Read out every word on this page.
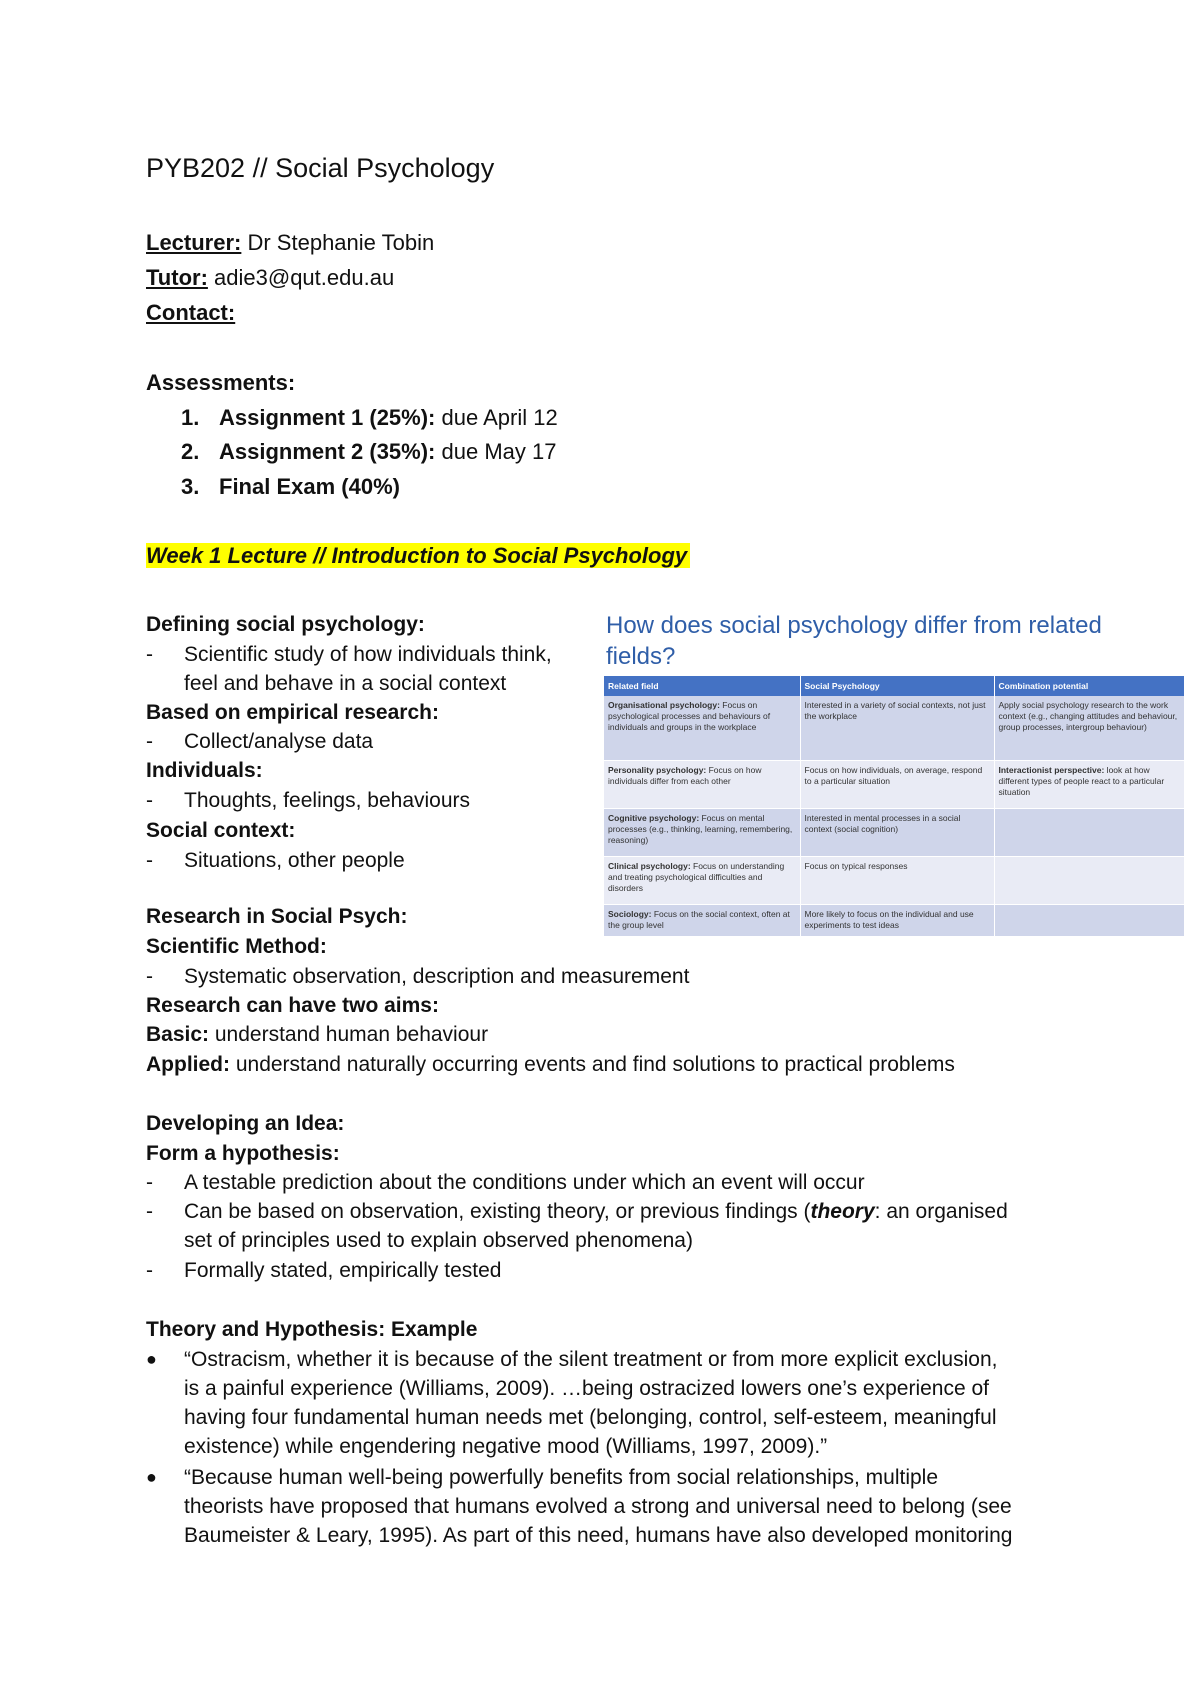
PYB202 // Social Psychology
Lecturer: Dr Stephanie Tobin
Tutor: adie3@qut.edu.au
Contact:
Assessments:
1. Assignment 1 (25%): due April 12
2. Assignment 2 (35%): due May 17
3. Final Exam (40%)
Week 1 Lecture // Introduction to Social Psychology
Defining social psychology:
- Scientific study of how individuals think,
feel and behave in a social context
Based on empirical research:
- Collect/analyse data
Individuals:
- Thoughts, feelings, behaviours
Social context:
- Situations, other people
How does social psychology differ from related fields?
Related field	Social Psychology	Combination potential
Organisational psychology: Focus on psychological processes and behaviours of individuals and groups in the workplace	Interested in a variety of social contexts, not just the workplace	Apply social psychology research to the work context (e.g., changing attitudes and behaviour, group processes, intergroup behaviour)
Personality psychology: Focus on how individuals differ from each other	Focus on how individuals, on average, respond to a particular situation	Interactionist perspective: look at how different types of people react to a particular situation
Cognitive psychology: Focus on mental processes (e.g., thinking, learning, remembering, reasoning)	Interested in mental processes in a social context (social cognition)	
Clinical psychology: Focus on understanding and treating psychological difficulties and disorders	Focus on typical responses	
Sociology: Focus on the social context, often at the group level	More likely to focus on the individual and use experiments to test ideas	
Research in Social Psych:
Scientific Method:
- Systematic observation, description and measurement
Research can have two aims:
Basic: understand human behaviour
Applied: understand naturally occurring events and find solutions to practical problems
Developing an Idea:
Form a hypothesis:
- A testable prediction about the conditions under which an event will occur
- Can be based on observation, existing theory, or previous findings (theory: an organised
set of principles used to explain observed phenomena)
- Formally stated, empirically tested
Theory and Hypothesis: Example
● “Ostracism, whether it is because of the silent treatment or from more explicit exclusion,
is a painful experience (Williams, 2009). …being ostracized lowers one’s experience of
having four fundamental human needs met (belonging, control, self-esteem, meaningful
existence) while engendering negative mood (Williams, 1997, 2009).”
● “Because human well-being powerfully benefits from social relationships, multiple
theorists have proposed that humans evolved a strong and universal need to belong (see
Baumeister & Leary, 1995). As part of this need, humans have also developed monitoring
